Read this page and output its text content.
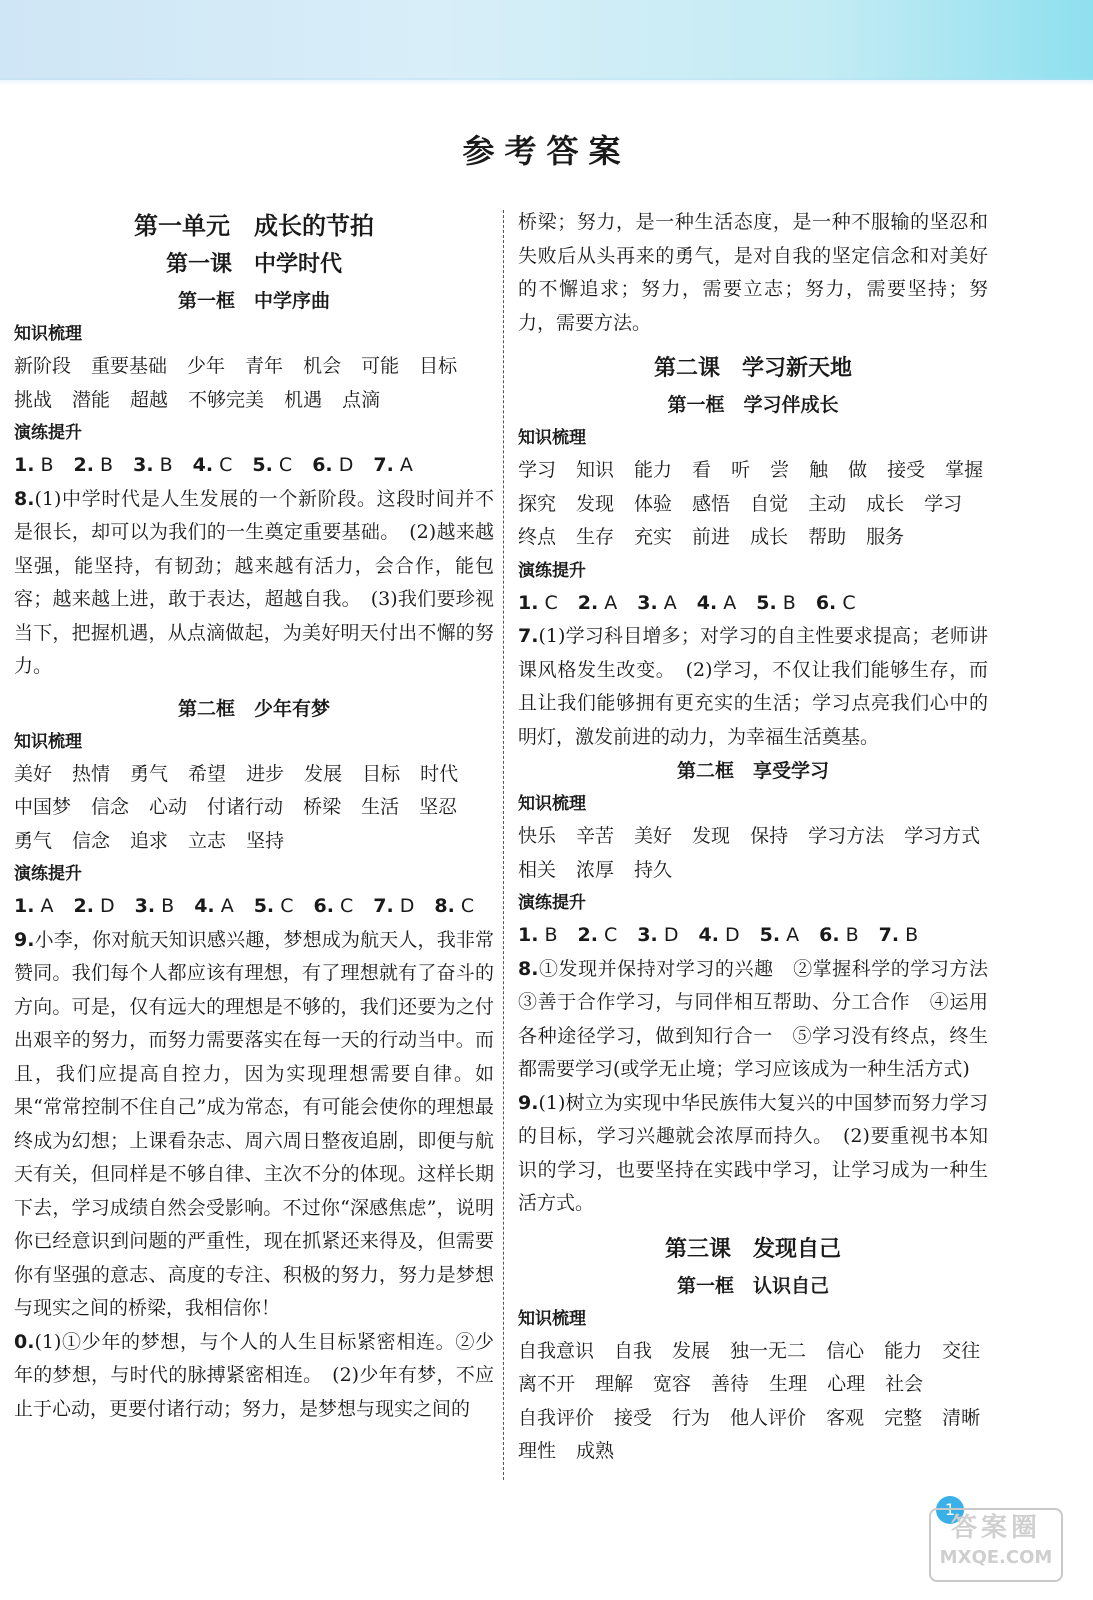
参考答案
第一单元　成长的节拍
第一课　中学时代
第一框　中学序曲
知识梳理
新阶段 重要基础 少年 青年 机会 可能 目标
挑战 潜能 超越 不够完美 机遇 点滴
演练提升
1. B 2. B 3. B 4. C 5. C 6. D 7. A
8.(1)中学时代是人生发展的一个新阶段。这段时间并不是很长，却可以为我们的一生奠定重要基础。　(2)越来越坚强，能坚持，有韧劲；越来越有活力，会合作，能包容；越来越上进，敢于表达，超越自我。　(3)我们要珍视当下，把握机遇，从点滴做起，为美好明天付出不懈的努力。
第二框　少年有梦
知识梳理
美好 热情 勇气 希望 进步 发展 目标 时代
中国梦 信念 心动 付诸行动 桥梁 生活 坚忍
勇气 信念 追求 立志 坚持
演练提升
1. A 2. D 3. B 4. A 5. C 6. C 7. D 8. C
9.小李，你对航天知识感兴趣，梦想成为航天人，我非常赞同。我们每个人都应该有理想，有了理想就有了奋斗的方向。可是，仅有远大的理想是不够的，我们还要为之付出艰辛的努力，而努力需要落实在每一天的行动当中。而且，我们应提高自控力，因为实现理想需要自律。如果“常常控制不住自己”成为常态，有可能会使你的理想最终成为幻想；上课看杂志、周六周日整夜追剧，即便与航天有关，但同样是不够自律、主次不分的体现。这样长期下去，学习成绩自然会受影响。不过你“深感焦虑”，说明你已经意识到问题的严重性，现在抓紧还来得及，但需要你有坚强的意志、高度的专注、积极的努力，努力是梦想与现实之间的桥梁，我相信你！
0.(1)①少年的梦想，与个人的人生目标紧密相连。②少年的梦想，与时代的脉搏紧密相连。　(2)少年有梦，不应止于心动，更要付诸行动；努力，是梦想与现实之间的
桥梁；努力，是一种生活态度，是一种不服输的坚忍和失败后从头再来的勇气，是对自我的坚定信念和对美好的不懈追求；努力，需要立志；努力，需要坚持；努力，需要方法。
第二课　学习新天地
第一框　学习伴成长
知识梳理
学习 知识 能力 看 听 尝 触 做 接受 掌握
探究 发现 体验 感悟 自觉 主动 成长 学习
终点 生存 充实 前进 成长 帮助 服务
演练提升
1. C 2. A 3. A 4. A 5. B 6. C
7.(1)学习科目增多；对学习的自主性要求提高；老师讲课风格发生改变。　(2)学习，不仅让我们能够生存，而且让我们能够拥有更充实的生活；学习点亮我们心中的明灯，激发前进的动力，为幸福生活奠基。
第二框　享受学习
知识梳理
快乐 辛苦 美好 发现 保持 学习方法 学习方式
相关 浓厚 持久
演练提升
1. B 2. C 3. D 4. D 5. A 6. B 7. B
8.①发现并保持对学习的兴趣　②掌握科学的学习方法　③善于合作学习，与同伴相互帮助、分工合作　④运用各种途径学习，做到知行合一　⑤学习没有终点，终生都需要学习(或学无止境；学习应该成为一种生活方式)
9.(1)树立为实现中华民族伟大复兴的中国梦而努力学习的目标，学习兴趣就会浓厚而持久。　(2)要重视书本知识的学习，也要坚持在实践中学习，让学习成为一种生活方式。
第三课　发现自己
第一框　认识自己
知识梳理
自我意识 自我 发展 独一无二 信心 能力 交往
离不开 理解 宽容 善待 生理 心理 社会
自我评价 接受 行为 他人评价 客观 完整 清晰
理性 成熟
1
答案圈
MXQE.COM
